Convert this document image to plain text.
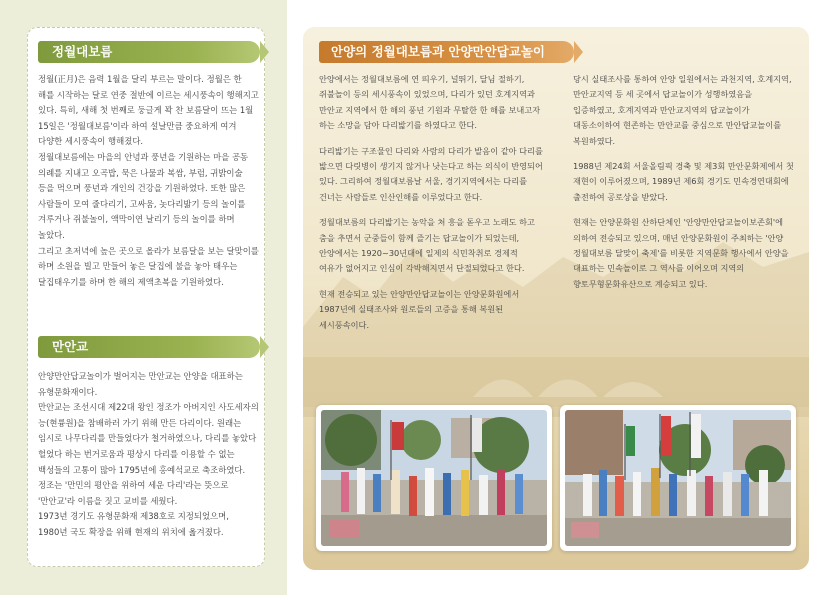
정월대보름

정월(正月)은 음력 1월을 달리 부르는 말이다. 정월은 한 해를 시작하는 달로 연중 절반에 이르는 세시풍속이 행해지고 있다. 특히, 새해 첫 번째로 둥글게 꽉 찬 보름달이 뜨는 1월 15일은 '정월대보름'이라 하여 설날만큼 중요하게 여겨 다양한 세시풍속이 행해졌다.

정월대보름에는 마을의 안녕과 풍년을 기원하는 마을 공동 의례를 지내고 오곡밥, 묵은 나물과 복쌈, 부럼, 귀밝이술 등을 먹으며 풍년과 개인의 건강을 기원하였다. 또한 많은 사람들이 모여 줄다리기, 고싸움, 놋다리밟기 등의 놀이를 겨루거나 쥐불놀이, 액막이연 날리기 등의 놀이를 하며 놀았다.

그리고 초저녁에 높은 곳으로 올라가 보름달을 보는 달맞이를 하며 소원을 빌고 만들어 놓은 달집에 불을 놓아 태우는 달집태우기를 하며 한 해의 제액초복을 기원하였다.

만안교

안양만안답교놀이가 벌어지는 만안교는 안양을 대표하는 유형문화재이다.

만안교는 조선시대 제22대 왕인 정조가 아버지인 사도세자의 능(현륭원)을 참배하러 가기 위해 만든 다리이다. 원래는 임시로 나무다리를 만들었다가 철거하였으나, 다리를 놓았다 헐었다 하는 번거로움과 평상시 다리를 이용할 수 없는 백성들의 고통이 많아 1795년에 홍예석교로 축조하였다.

정조는 '만민의 평안을 위하여 세운 다리'라는 뜻으로 '만안교'라 이름을 짓고 교비를 세웠다.

1973년 경기도 유형문화재 제38호로 지정되었으며, 1980년 국도 확장을 위해 현재의 위치에 옮겨졌다.

안양의 정월대보름과 안양만안답교놀이

안양에서는 정월대보름에 연 띄우기, 널뛰기, 달님 절하기, 쥐불놀이 등의 세시풍속이 있었으며, 다리가 있던 호계지역과 만안교 지역에서 한 해의 풍년 기원과 무탈한 한 해를 보내고자 하는 소망을 담아 다리밟기를 하였다고 한다.

다리밟기는 구조물인 다리와 사람의 다리가 발음이 같아 다리를 밟으면 다릿병이 생기지 않거나 낫는다고 하는 의식이 반영되어 있다. 그리하여 정월대보름날 서울, 경기지역에서는 다리를 건너는 사람들로 인산인해를 이루었다고 한다.

정월대보름의 다리밟기는 농악을 쳐 흥을 돋우고 노래도 하고 춤을 추면서 군중들이 함께 즐기는 답교놀이가 되었는데, 안양에서는 1920~30년대에 일제의 식민착취로 경제적 여유가 없어지고 인심이 각박해지면서 단절되었다고 한다.

현재 전승되고 있는 안양만안답교놀이는 안양문화원에서 1987년에 실태조사와 원로들의 고증을 통해 복원된 세시풍속이다.

당시 실태조사를 통하여 안양 일원에서는 과천지역, 호계지역, 만안교지역 등 세 곳에서 답교놀이가 성행하였음을 입증하였고, 호계지역과 만안교지역의 답교놀이가 대동소이하여 현존하는 만안교를 중심으로 만안답교놀이를 복원하였다.

1988년 제24회 서울올림픽 경축 및 제3회 만안문화제에서 첫 재현이 이루어졌으며, 1989년 제6회 경기도 민속경연대회에 출전하여 공로상을 받았다.

현재는 안양문화원 산하단체인 '안양만안답교놀이보존회'에 의하여 전승되고 있으며, 매년 안양문화원이 주최하는 '안양 정월대보름 달맞이 축제'를 비롯한 지역문화 행사에서 안양을 대표하는 민속놀이로 그 역사를 이어오며 지역의 향토무형문화유산으로 계승되고 있다.
